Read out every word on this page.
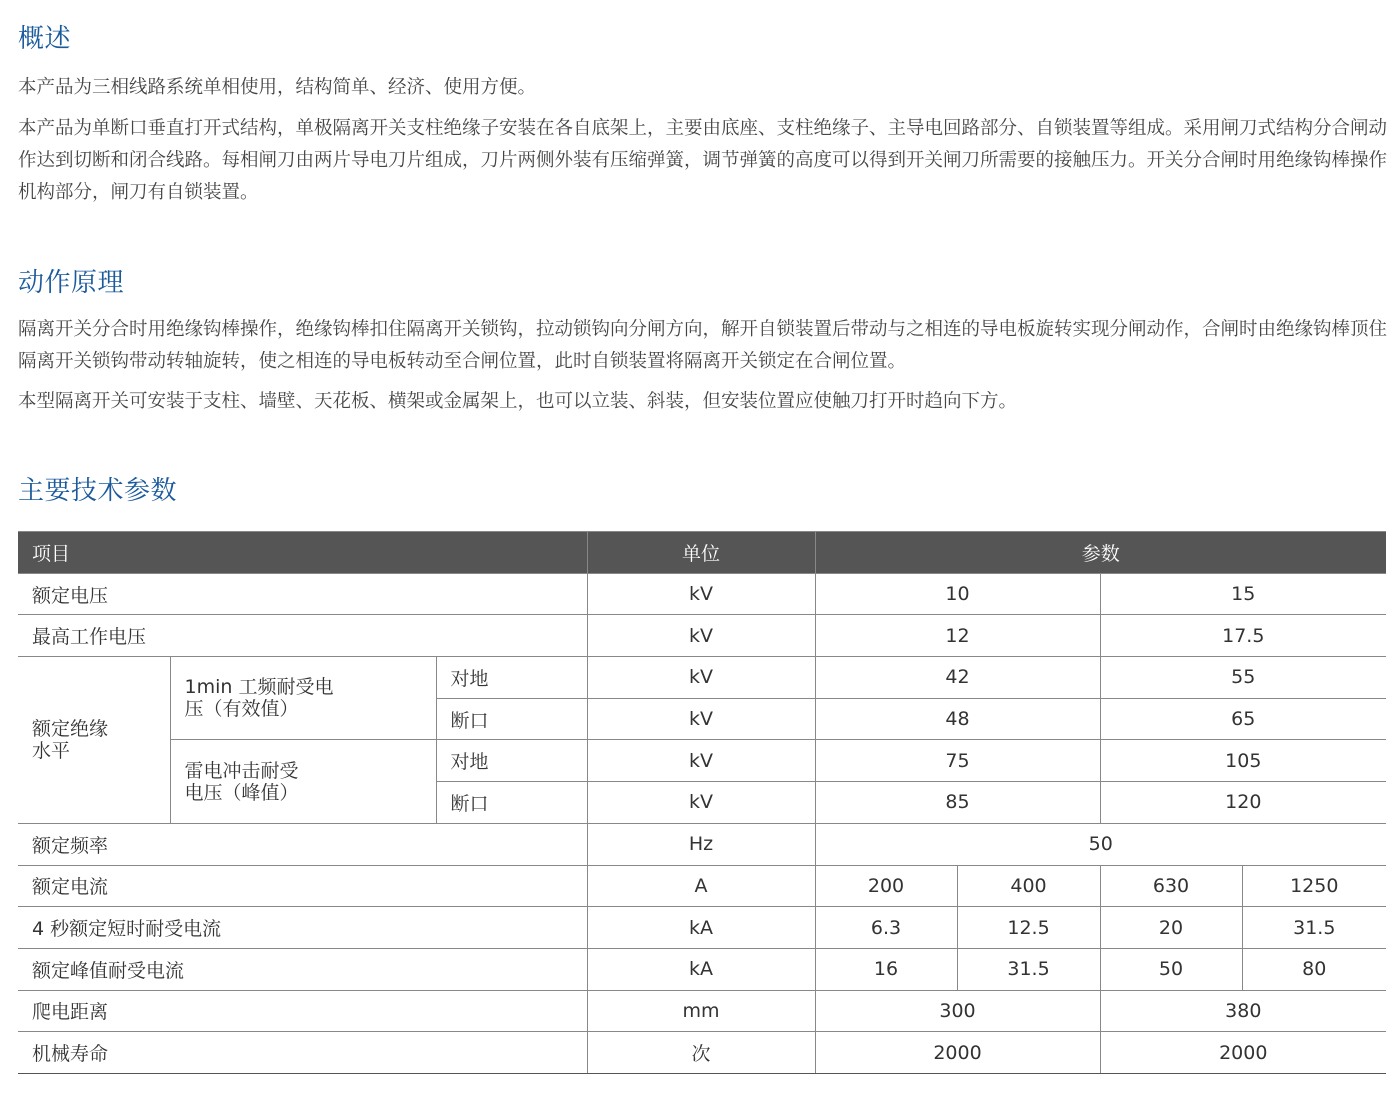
概述

本产品为三相线路系统单相使用，结构简单、经济、使用方便。

本产品为单断口垂直打开式结构，单极隔离开关支柱绝缘子安装在各自底架上，主要由底座、支柱绝缘子、主导电回路部分、自锁装置等组成。采用闸刀式结构分合闸动作达到切断和闭合线路。每相闸刀由两片导电刀片组成，刀片两侧外装有压缩弹簧，调节弹簧的高度可以得到开关闸刀所需要的接触压力。开关分合闸时用绝缘钩棒操作机构部分，闸刀有自锁装置。

动作原理

隔离开关分合时用绝缘钩棒操作，绝缘钩棒扣住隔离开关锁钩，拉动锁钩向分闸方向，解开自锁装置后带动与之相连的导电板旋转实现分闸动作，合闸时由绝缘钩棒顶住隔离开关锁钩带动转轴旋转，使之相连的导电板转动至合闸位置，此时自锁装置将隔离开关锁定在合闸位置。

本型隔离开关可安装于支柱、墙壁、天花板、横架或金属架上，也可以立装、斜装，但安装位置应使触刀打开时趋向下方。

主要技术参数
项目			单位	参数			
额定电压			kV	10		15	
最高工作电压			kV	12		17.5	

额定绝缘水平	1min 工频耐受电压（有效值）	对地	kV	42		55	
		断口	kV	48		65	

	雷电冲击耐受电压（峰值）	对地	kV	75		105	
		断口	kV	85		120	
额定频率			Hz	50			
额定电流			A	200	400	630	1250
4 秒额定短时耐受电流			kA	6.3	12.5	20	31.5
额定峰值耐受电流			kA	16	31.5	50	80
爬电距离			mm	300		380	
机械寿命			次	2000		2000	
